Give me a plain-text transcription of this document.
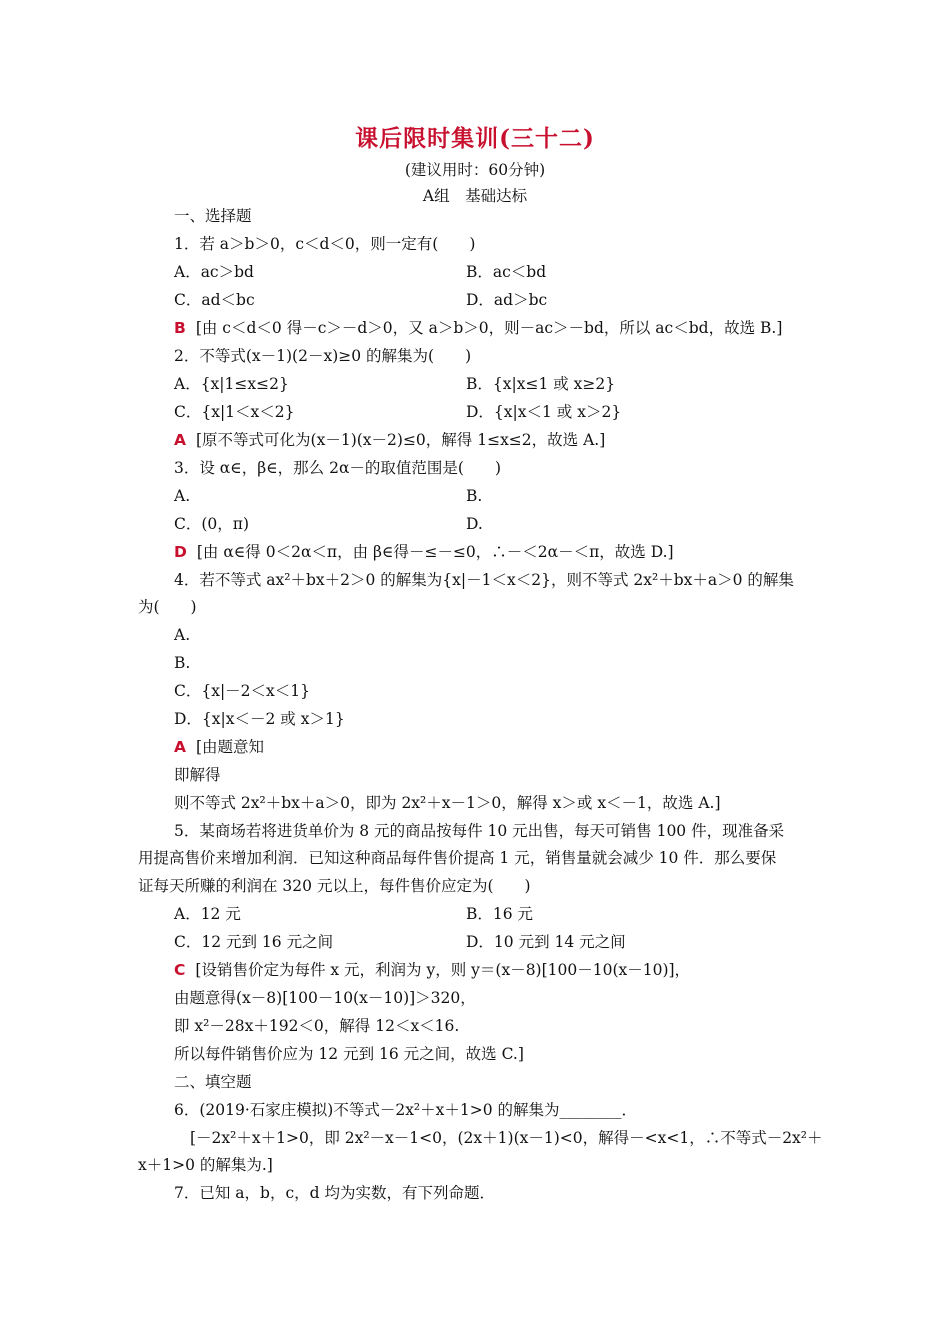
课后限时集训(三十二)
(建议用时：60分钟)
A组　基础达标
一、选择题
1．若 a＞b＞0，c＜d＜0，则一定有(　　)
A．ac＞bd	B．ac＜bd
C．ad＜bc	D．ad＞bc
B [由 c＜d＜0 得－c＞－d＞0，又 a＞b＞0，则－ac＞－bd，所以 ac＜bd，故选 B.]
2．不等式(x－1)(2－x)≥0 的解集为(　　)
A．{x|1≤x≤2}	B．{x|x≤1 或 x≥2}
C．{x|1＜x＜2}	D．{x|x＜1 或 x＞2}
A [原不等式可化为(x－1)(x－2)≤0，解得 1≤x≤2，故选 A.]
3．设 α∈，β∈，那么 2α－的取值范围是(　　)
A.	B.
C．(0，π)	D.
D [由 α∈得 0＜2α＜π，由 β∈得－≤－≤0，∴－＜2α－＜π，故选 D.]
4．若不等式 ax²＋bx＋2＞0 的解集为{x|－1＜x＜2}，则不等式 2x²＋bx＋a＞0 的解集
为(　　)
A.
B.
C．{x|－2＜x＜1}
D．{x|x＜－2 或 x＞1}
A [由题意知
即解得
则不等式 2x²＋bx＋a＞0，即为 2x²＋x－1＞0，解得 x＞或 x＜－1，故选 A.]
5．某商场若将进货单价为 8 元的商品按每件 10 元出售，每天可销售 100 件，现准备采
用提高售价来增加利润．已知这种商品每件售价提高 1 元，销售量就会减少 10 件．那么要保
证每天所赚的利润在 320 元以上，每件售价应定为(　　)
A．12 元	B．16 元
C．12 元到 16 元之间	D．10 元到 14 元之间
C [设销售价定为每件 x 元，利润为 y，则 y＝(x－8)[100－10(x－10)]，
由题意得(x－8)[100－10(x－10)]＞320，
即 x²－28x＋192＜0，解得 12＜x＜16.
所以每件销售价应为 12 元到 16 元之间，故选 C.]
二、填空题
6．(2019·石家庄模拟)不等式－2x²＋x＋1>0 的解集为________．
[－2x²＋x＋1>0，即 2x²－x－1<0，(2x＋1)(x－1)<0，解得－<x<1，∴不等式－2x²＋
x＋1>0 的解集为.]
7．已知 a，b，c，d 均为实数，有下列命题．
